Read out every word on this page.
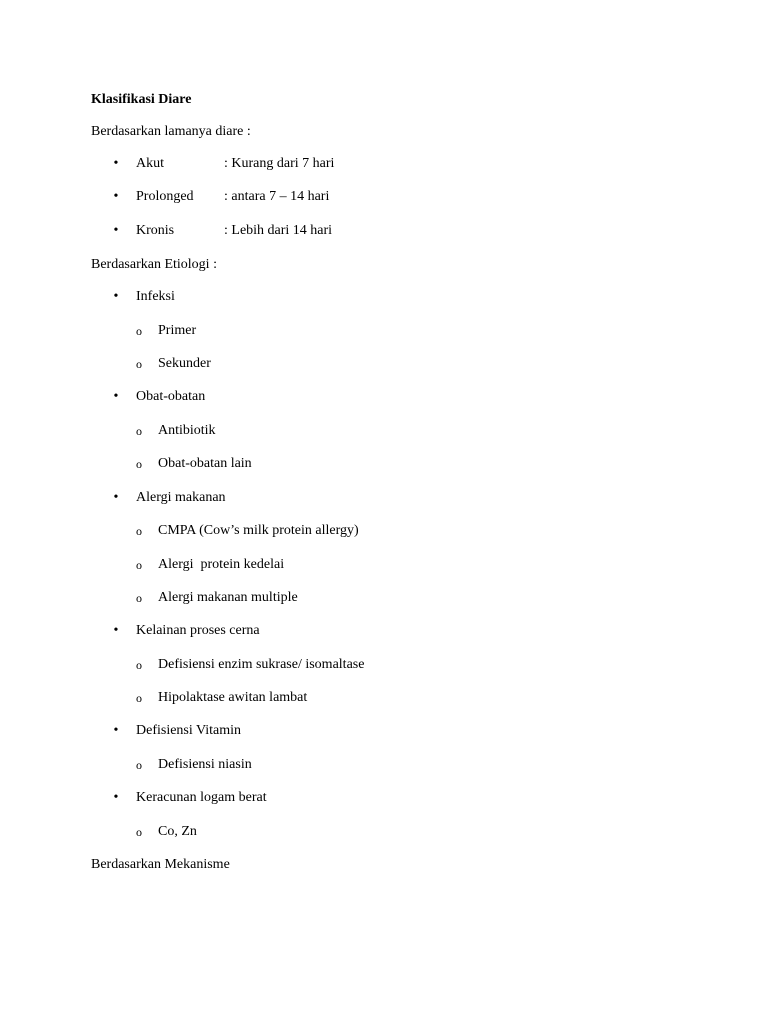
Klasifikasi Diare
Berdasarkan lamanya diare :
• Akut	: Kurang dari 7 hari
• Prolonged : antara 7 – 14 hari
• Kronis	: Lebih dari 14 hari
Berdasarkan Etiologi :
• Infeksi
o Primer
o Sekunder
• Obat-obatan
o Antibiotik
o Obat-obatan lain
• Alergi makanan
o CMPA (Cow’s milk protein allergy)
o Alergi  protein kedelai
o Alergi makanan multiple
• Kelainan proses cerna
o Defisiensi enzim sukrase/ isomaltase
o Hipolaktase awitan lambat
• Defisiensi Vitamin
o Defisiensi niasin
• Keracunan logam berat
o Co, Zn
Berdasarkan Mekanisme
